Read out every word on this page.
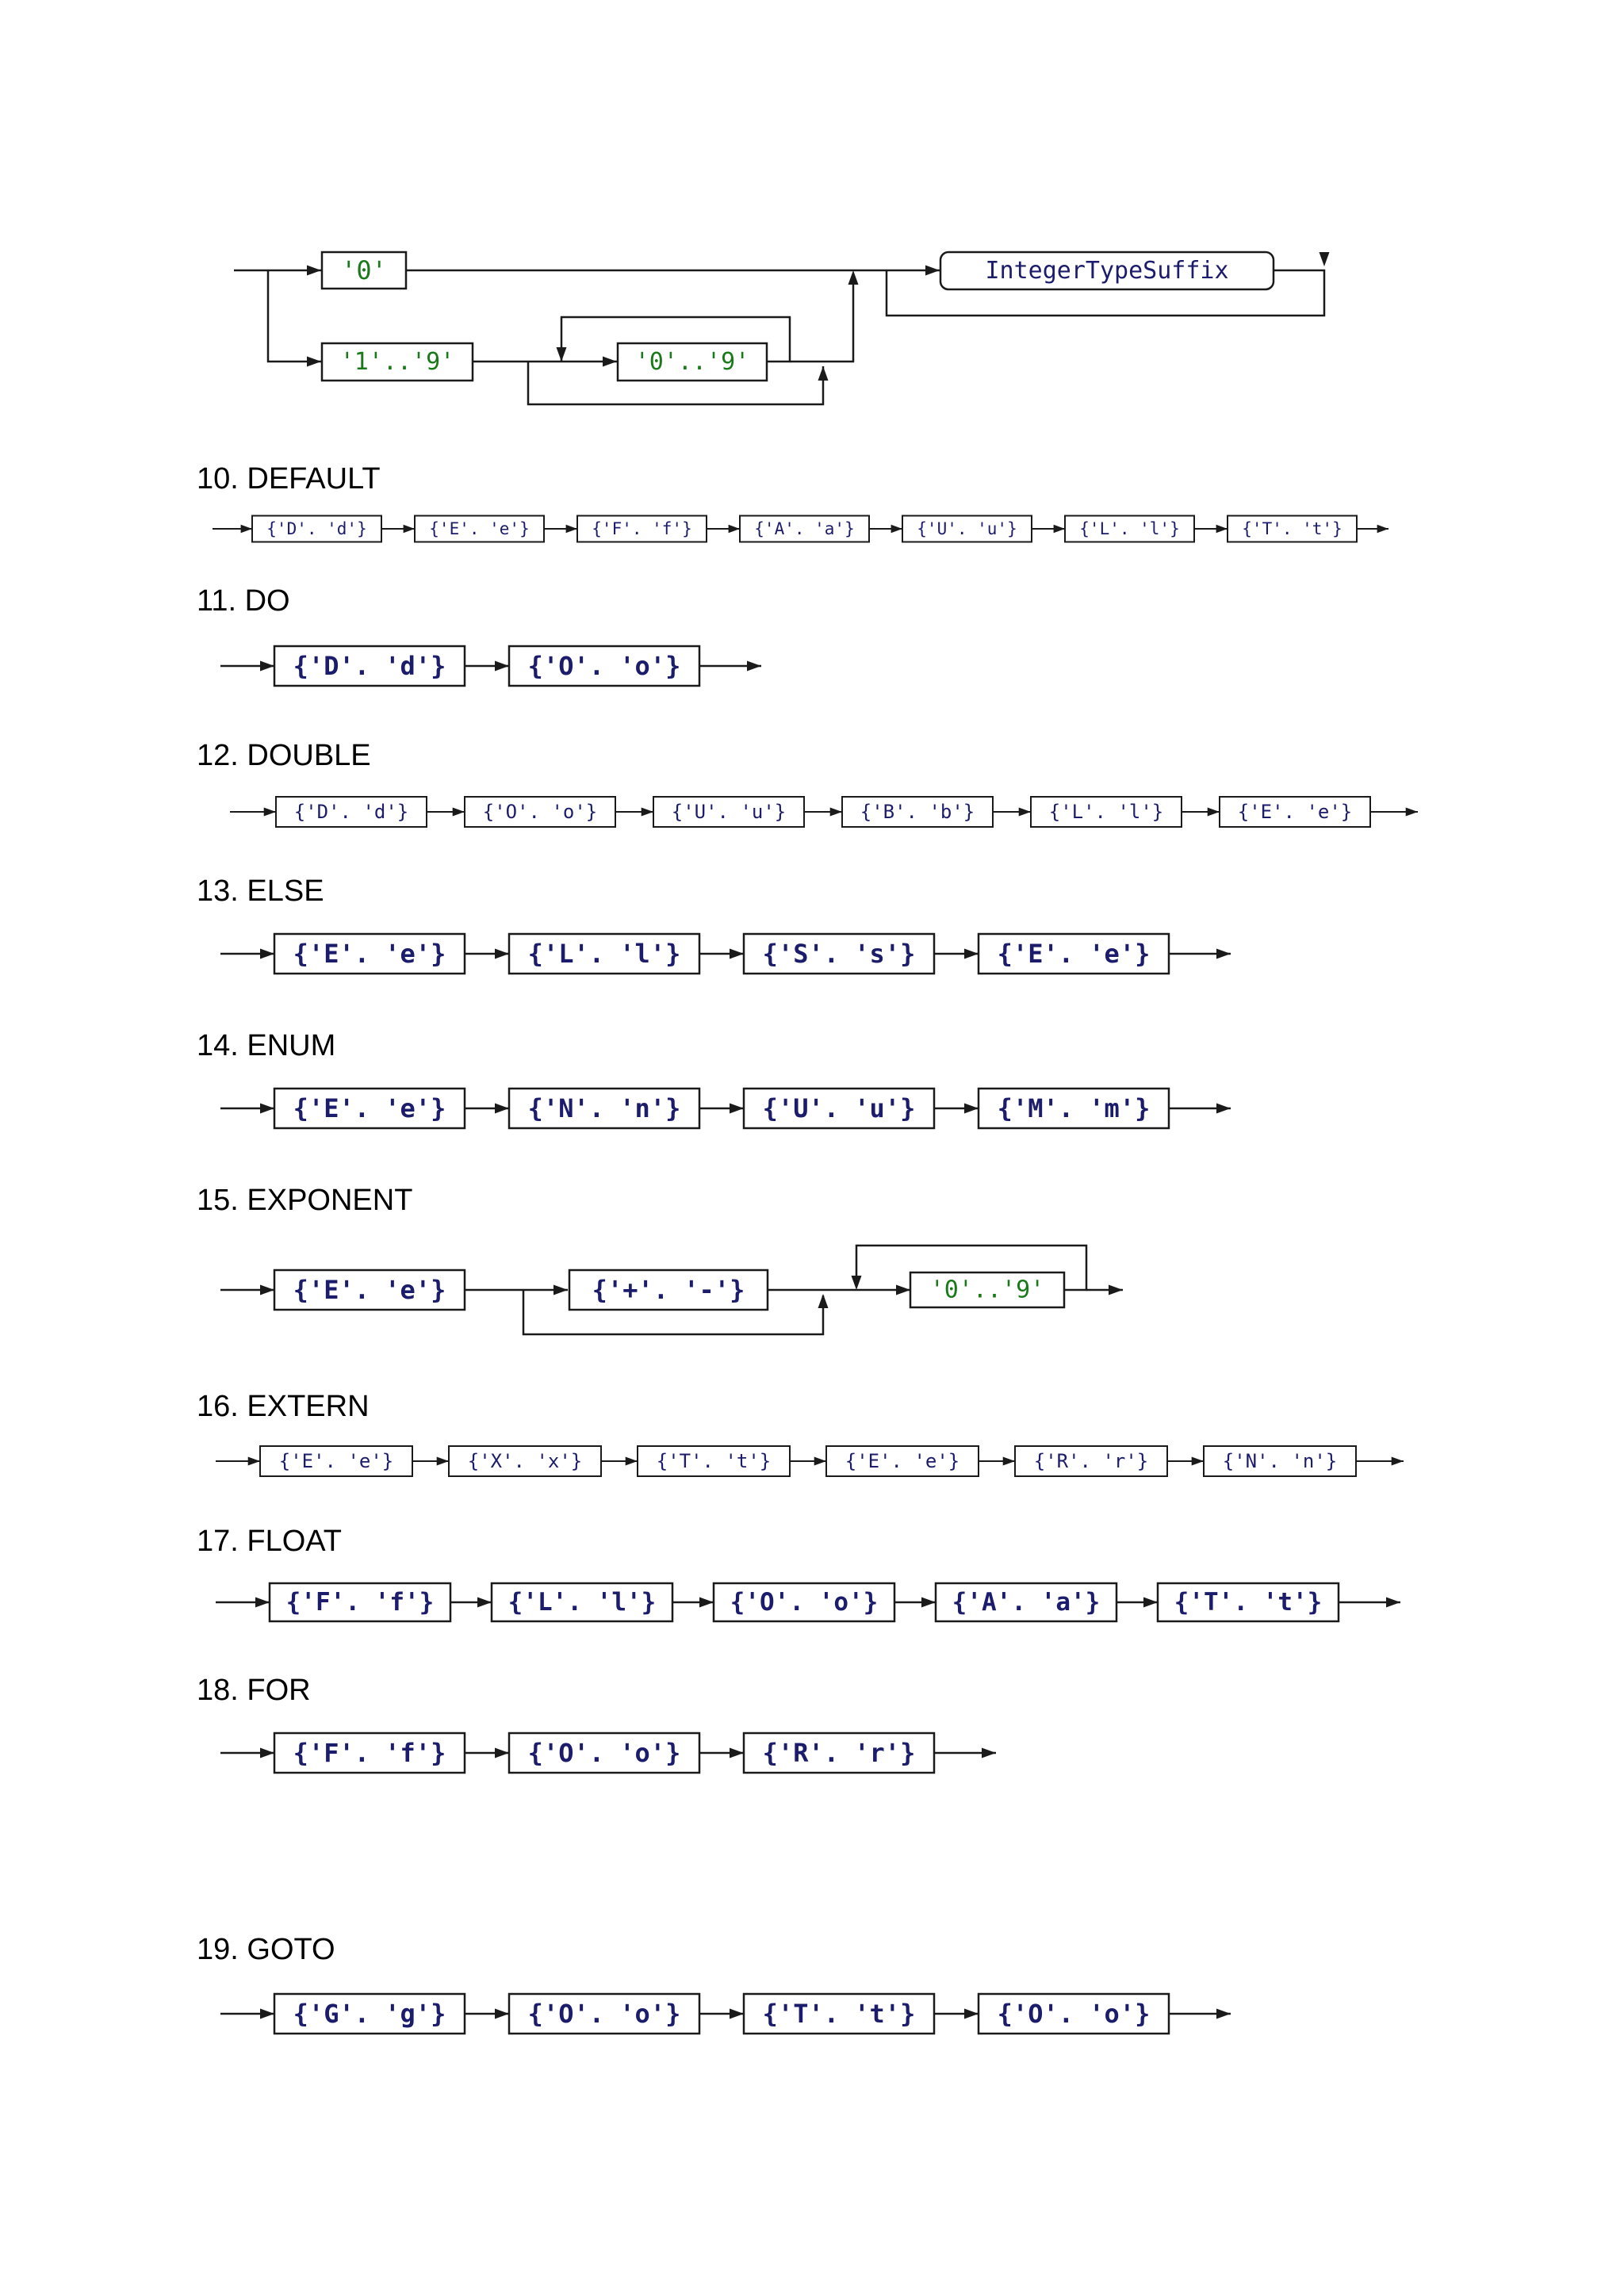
'0'
'1'..'9'	'0'..'9'
IntegerTypeSuffix
10. DEFAULT
{'D'. 'd'}	{'E'. 'e'}	{'F'. 'f'}	{'A'. 'a'}	{'U'. 'u'}	{'L'. 'l'}	{'T'. 't'}
11. DO
{'D'. 'd'}	{'O'. 'o'}
12. DOUBLE
{'D'. 'd'}	{'O'. 'o'}	{'U'. 'u'}	{'B'. 'b'}	{'L'. 'l'}	{'E'. 'e'}
13. ELSE
{'E'. 'e'}	{'L'. 'l'}	{'S'. 's'}	{'E'. 'e'}
14. ENUM
{'E'. 'e'}	{'N'. 'n'}	{'U'. 'u'}	{'M'. 'm'}
15. EXPONENT
{'E'. 'e'}	{'+'. '-'}	'0'..'9'
16. EXTERN
{'E'. 'e'}	{'X'. 'x'}	{'T'. 't'}	{'E'. 'e'}	{'R'. 'r'}	{'N'. 'n'}
17. FLOAT
{'F'. 'f'}	{'L'. 'l'}	{'O'. 'o'}	{'A'. 'a'}	{'T'. 't'}
18. FOR
{'F'. 'f'}	{'O'. 'o'}	{'R'. 'r'}
19. GOTO
{'G'. 'g'}	{'O'. 'o'}	{'T'. 't'}	{'O'. 'o'}
